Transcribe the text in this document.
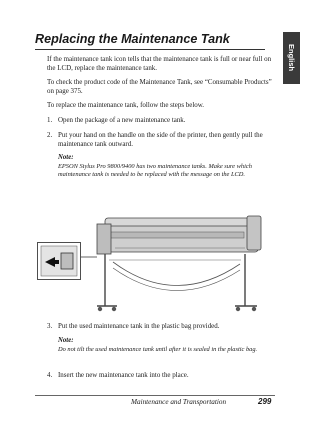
English
Replacing the Maintenance Tank

If the maintenance tank icon tells that the maintenance tank is full or near full on the LCD, replace the maintenance tank.

To check the product code of the Maintenance Tank, see “Consumable Products” on page 375.

To replace the maintenance tank, follow the steps below.

1. Open the package of a new maintenance tank.

2. Put your hand on the handle on the side of the printer, then gently pull the maintenance tank outward.

Note:

EPSON Stylus Pro 9800/9400 has two maintenance tanks. Make sure which maintenance tank is needed to be replaced with the message on the LCD.

3. Put the used maintenance tank in the plastic bag provided.

Note:

Do not tilt the used maintenance tank until after it is sealed in the plastic bag.

4. Insert the new maintenance tank into the place.

Maintenance and Transportation	299
